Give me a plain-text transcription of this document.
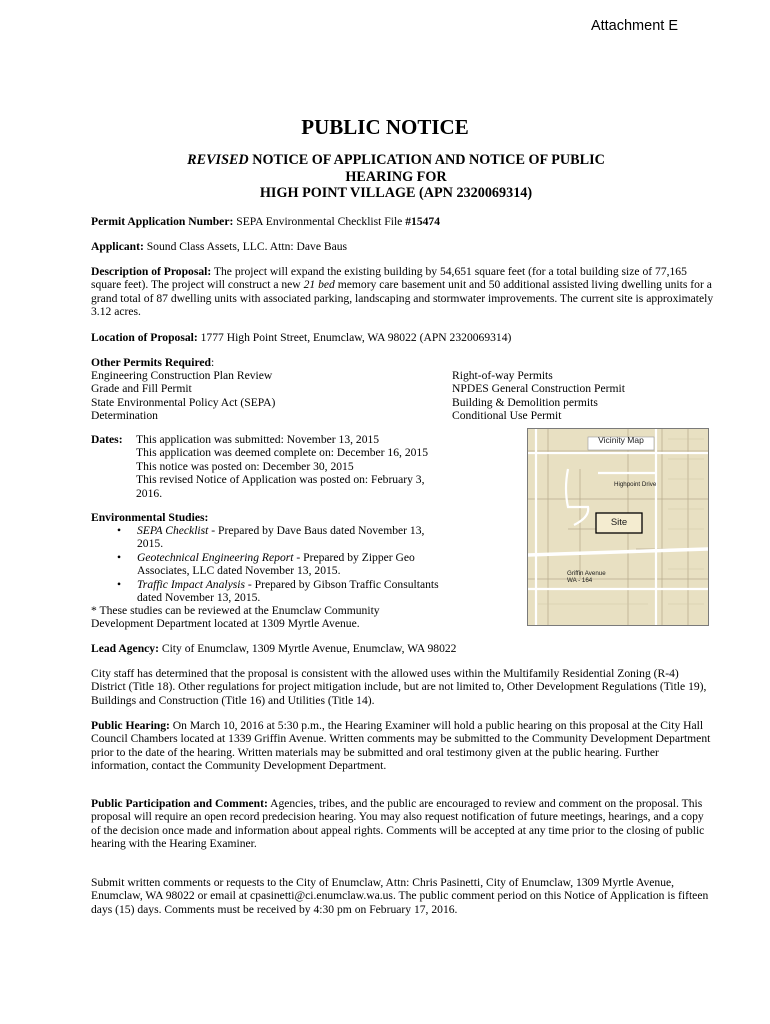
Attachment E
PUBLIC NOTICE
REVISED NOTICE OF APPLICATION AND NOTICE OF PUBLIC
HEARING FOR
HIGH POINT VILLAGE (APN 2320069314)
Permit Application Number: SEPA Environmental Checklist File #15474
Applicant: Sound Class Assets, LLC. Attn: Dave Baus
Description of Proposal: The project will expand the existing building by 54,651 square feet (for a total building size of 77,165 square feet). The project will construct a new 21 bed memory care basement unit and 50 additional assisted living dwelling units for a grand total of 87 dwelling units with associated parking, landscaping and stormwater improvements. The current site is approximately 3.12 acres.
Location of Proposal: 1777 High Point Street, Enumclaw, WA 98022 (APN 2320069314)
Other Permits Required:
Engineering Construction Plan Review
Grade and Fill Permit
State Environmental Policy Act (SEPA)
Determination
Right-of-way Permits
NPDES General Construction Permit
Building & Demolition permits
Conditional Use Permit
Dates: This application was submitted: November 13, 2015
This application was deemed complete on: December 16, 2015
This notice was posted on: December 30, 2015
This revised Notice of Application was posted on: February 3,
2016.
Environmental Studies:
• SEPA Checklist - Prepared by Dave Baus dated November 13,
2015.
• Geotechnical Engineering Report - Prepared by Zipper Geo
Associates, LLC dated November 13, 2015.
• Traffic Impact Analysis - Prepared by Gibson Traffic Consultants
dated November 13, 2015.
* These studies can be reviewed at the Enumclaw Community
Development Department located at 1309 Myrtle Avenue.
Vicinity Map
Highpoint Drive
Site
Griffin Avenue
WA - 164
Lead Agency: City of Enumclaw, 1309 Myrtle Avenue, Enumclaw, WA 98022
City staff has determined that the proposal is consistent with the allowed uses within the Multifamily Residential Zoning (R-4) District (Title 18). Other regulations for project mitigation include, but are not limited to, Other Development Regulations (Title 19), Buildings and Construction (Title 16) and Utilities (Title 14).
Public Hearing: On March 10, 2016 at 5:30 p.m., the Hearing Examiner will hold a public hearing on this proposal at the City Hall Council Chambers located at 1339 Griffin Avenue. Written comments may be submitted to the Community Development Department prior to the date of the hearing. Written materials may be submitted and oral testimony given at the public hearing. Further information, contact the Community Development Department.
Public Participation and Comment: Agencies, tribes, and the public are encouraged to review and comment on the proposal. This proposal will require an open record predecision hearing. You may also request notification of future meetings, hearings, and a copy of the decision once made and information about appeal rights. Comments will be accepted at any time prior to the closing of public hearing with the Hearing Examiner.
Submit written comments or requests to the City of Enumclaw, Attn: Chris Pasinetti, City of Enumclaw, 1309 Myrtle Avenue, Enumclaw, WA 98022 or email at cpasinetti@ci.enumclaw.wa.us. The public comment period on this Notice of Application is fifteen days (15) days. Comments must be received by 4:30 pm on February 17, 2016.
